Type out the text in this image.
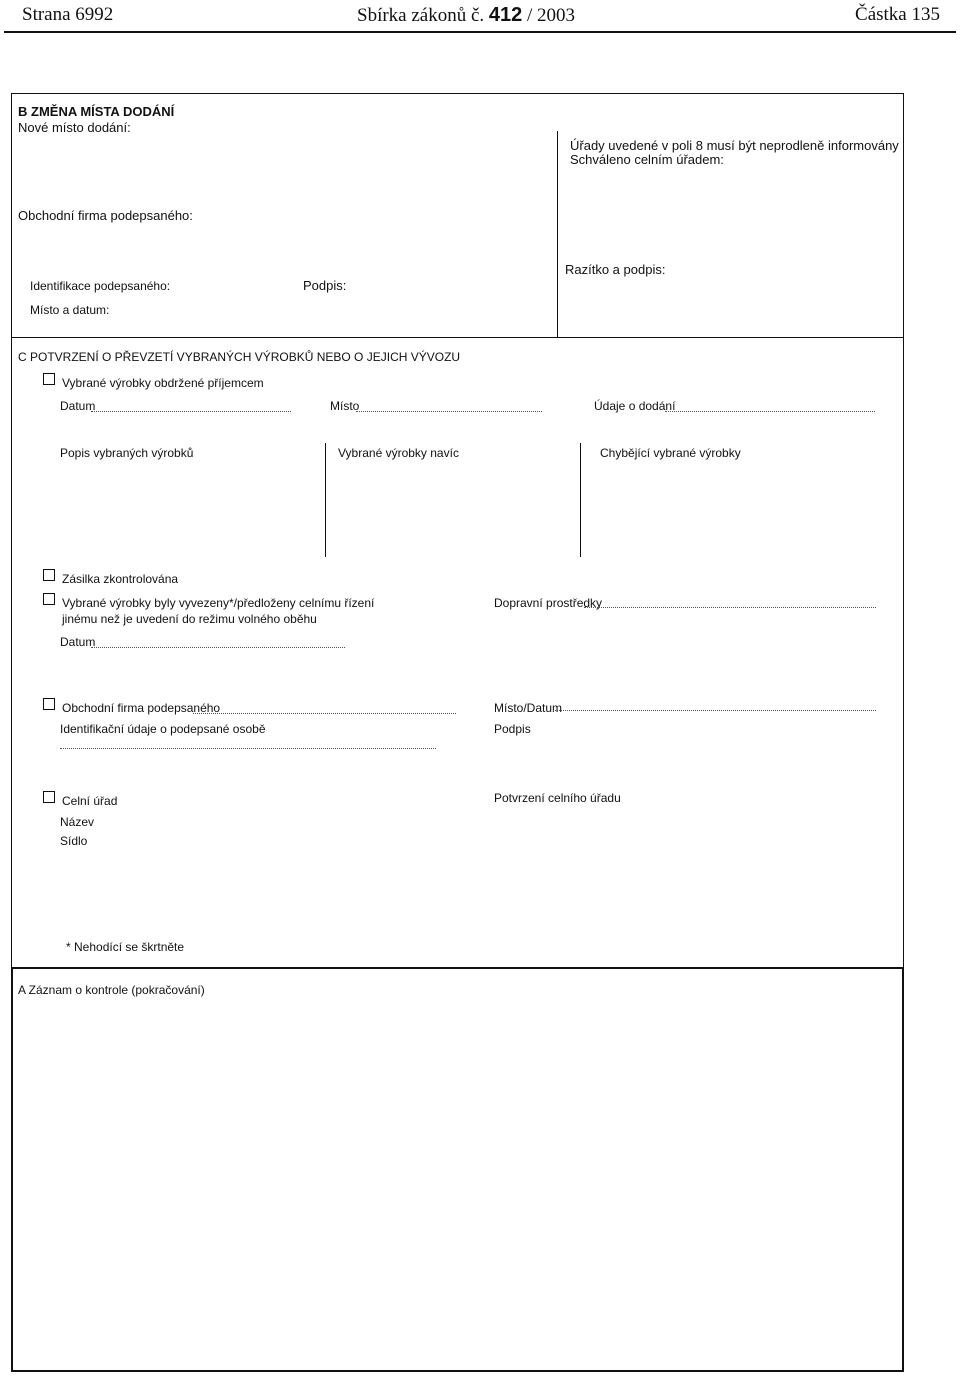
Strana 6992	Sbírka zákonů č. 412 / 2003	Částka 135
B ZMĚNA MÍSTA DODÁNÍ
Nové místo dodání:
Úřady uvedené v poli 8 musí být neprodleně informovány
Schváleno celním úřadem:
Obchodní firma podepsaného:
Identifikace podepsaného:	Podpis:
Razítko a podpis:
Místo a datum:
C POTVRZENÍ O PŘEVZETÍ VYBRANÝCH VÝROBKŮ NEBO O JEJICH VÝVOZU
Vybrané výrobky obdržené příjemcem
Datum	Místo	Údaje o dodání
Popis vybraných výrobků	Vybrané výrobky navíc	Chybějící vybrané výrobky
Zásilka zkontrolována
Vybrané výrobky byly vyvezeny*/předloženy celnímu řízení
jinému než je uvedení do režimu volného oběhu
Dopravní prostředky
Datum
Obchodní firma podepsaného	Místo/Datum
Identifikační údaje o podepsané osobě	Podpis
Celní úřad	Potvrzení celního úřadu
Název
Sídlo
* Nehodící se škrtněte
A Záznam o kontrole (pokračování)
